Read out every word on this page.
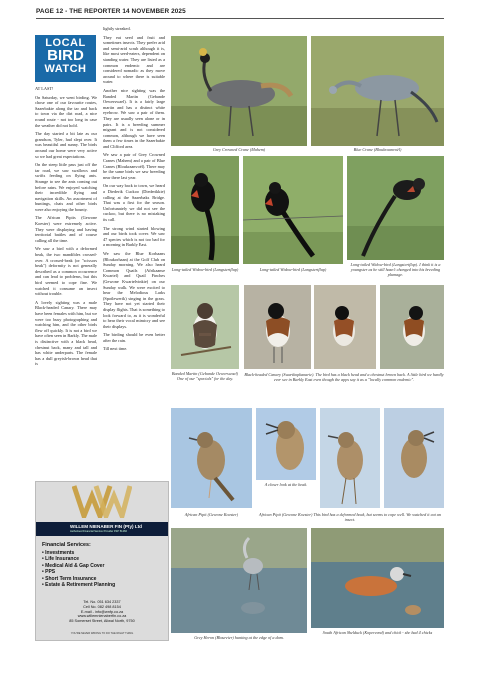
PAGE 12 - THE REPORTER 14 NOVEMBER 2025
LOCAL
BIRD
WATCH

AT LAST!

On Saturday, we went birding. We chose one of our favourite routes, Saaerbakte along the tar and back to town via the dirt road, a nice round route - not too long in case the weather did not hold.

The day started a bit late as our grandson, Tyler, had slept over. It was beautiful and sunny. The birds around our home were very active so we had great expectations.

On the steep little pass just off the tar road, we saw swallows and swifts feeding on flying ants. Strange to see the ants coming out before rains. We enjoyed watching their incredible flying and navigation skills. An assortment of buntings, chats and other birds were also enjoying the bounty.

The African Pipits (Gewone Koester) were extremely active. They were displaying and having territorial battles and of course calling all the time.

We saw a bird with a deformed beak, the two mandibles crossed-over. A crossed-beak (or "scissors beak") deformity is not generally described as a common occurrence and can lead to problems, but this bird seemed to cope fine. We watched it consume an insect without trouble.

A lovely sighting was a male Black-headed Canary. There may have been females with him, but we were too busy photographing and watching him, and the other birds flew off quickly. It is not a bird we have often seen in Barkly. The male is distinctive with a black head, chestnut back, many and tall and has white underparts. The female has a dull greyish-brown head that is

lightly streaked.

They eat seed and fruit and sometimes insects. They prefer arid and semi-arid scrub although it is, like most seed-eaters, dependent on standing water. They are listed as a common endemic and are considered nomadic as they move around to where there is suitable water.

Another nice sighting was the Banded Martin (Gebande Oewerswael). It is a fairly large martin and has a distinct white eyebrow. We saw a pair of them. They are usually seen alone or in pairs. It is a breeding summer migrant and is not considered common, although we have seen them a few times in the Saaerbakte and Clifford area.

We saw a pair of Grey Crowned Cranes (Mahem) and a pair of Blue Cranes (Bloukraanvoël). There may be the same birds we saw breeding near there last year.

On our way back to town, we heard a Diederik Cuckoo (Diederikkie) calling at the Saaerbaks Bridge. That was a first for the season. Unfortunately we did not see the cuckoo, but there is no mistaking its call.

The strong wind started blowing and our birds took cover. We saw 47 species which is not too bad for a morning in Barkly East.

We saw the Blue Korhaans (Bloukorhaan) at the Golf Club on Sunday morning. We also heard Common Quails (Afrikaanse Kwartel) and Quail Finches (Gewone Kwartelvinkie) on our Sunday walk. We were excited to hear the Melodious Larks (Spotlewerik) singing in the grass. They have not yet started their display flights. That is something to look forward to, as it is wonderful to hear their vocal mimicry and see their displays.

The birding should be even better after the rain.

Till next time.

Grey Crowned Crane (Mahem)	Blue Crane (Bloukraanvoël)
Long-tailed Widow-bird (Langstertflap)	Long-tailed Widow-bird (Langstertflap)
Long-tailed Widow-bird (Langstertflap). I think it is a youngster as he still hasn't changed into his breeding plumage.
Banded Martin (Gebande Oewerswael) One of our "specials" for the day.
Black-headed Canary (Swartkopkanarie). The bird has a black head and a chestnut brown back. A little bird we hardly ever see in Barkly East even though the apps say it as a "locally common endemic".
African Pipit (Gewone Koester)
A closer look at the beak.
African Pipit (Gewone Koester) This bird has a deformed beak, but seems to cope well. We watched it eat an insect.
Grey Heron (Bloureier) hunting at the edge of a dam.
South African Shelduck (Kopereend) and chick - she had 4 chicks
WILLEM NIENABER FIN (Pty) Ltd
Authorised Financial Service Provider FSP 51266
Financial Services:
• Investments
• Life Insurance
• Medical Aid & Gap Cover
• PPS
• Short Term Insurance
• Estate & Retirement Planning
Tel. No. 051 634 2337
Cell No. 082 498 8154
E-mail - info@wnfp.co.za
www.willemnienaberfin.co.za
85 Somerset Street, Aliwal North, 9750
YOU'RE NEVER WRONG TO DO THE RIGHT THING
